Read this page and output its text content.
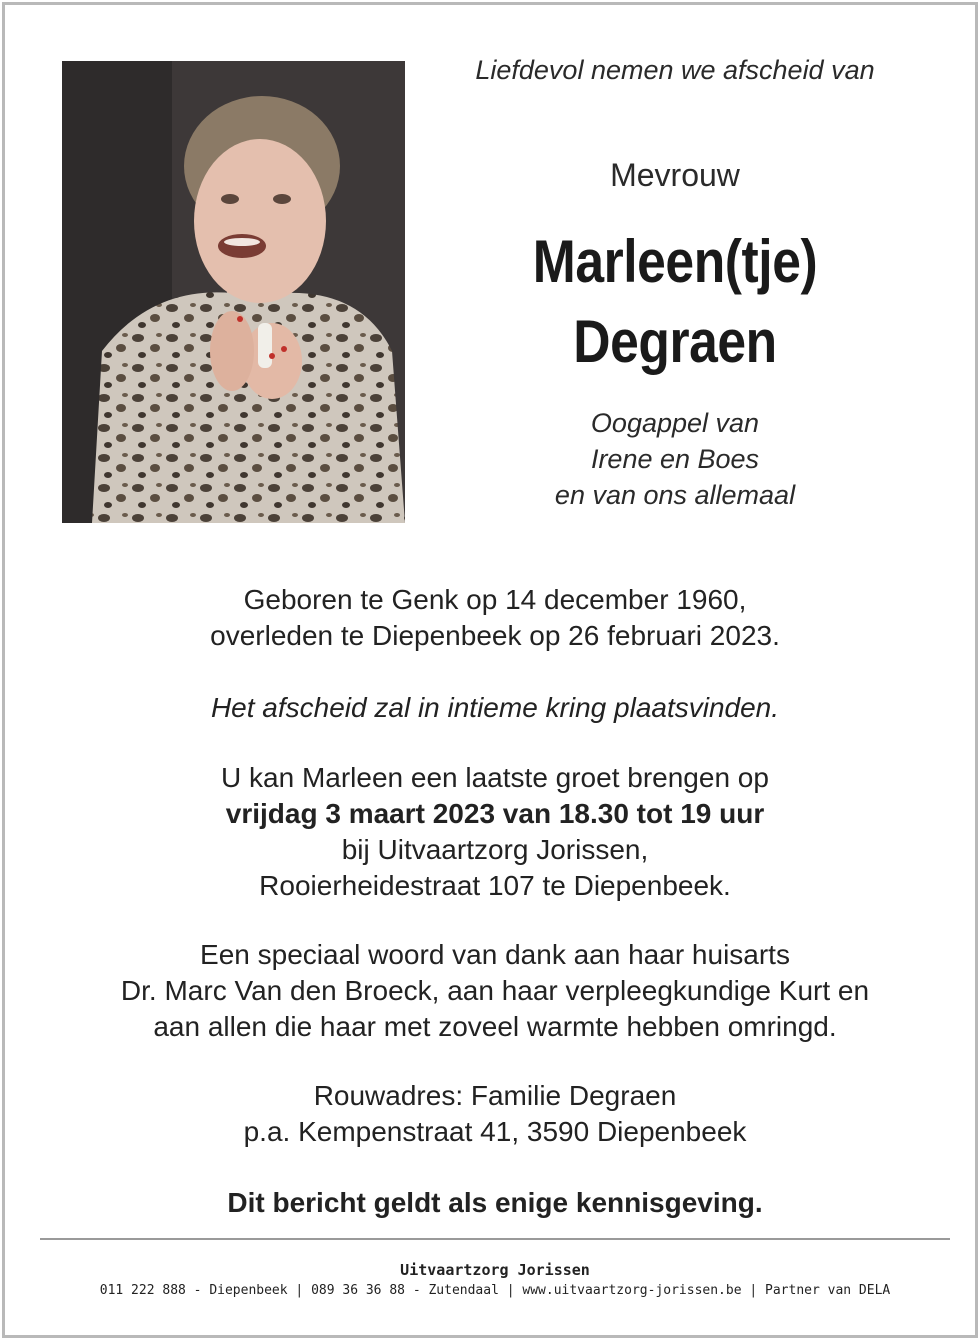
Liefdevol nemen we afscheid van
Mevrouw
Marleen(tje)
Degraen
Oogappel van
Irene en Boes
en van ons allemaal
Geboren te Genk op 14 december 1960,
overleden te Diepenbeek op 26 februari 2023.
Het afscheid zal in intieme kring plaatsvinden.
U kan Marleen een laatste groet brengen op
vrijdag 3 maart 2023 van 18.30 tot 19 uur
bij Uitvaartzorg Jorissen,
Rooierheidestraat 107 te Diepenbeek.
Een speciaal woord van dank aan haar huisarts
Dr. Marc Van den Broeck, aan haar verpleegkundige Kurt en
aan allen die haar met zoveel warmte hebben omringd.
Rouwadres: Familie Degraen
p.a. Kempenstraat 41, 3590 Diepenbeek
Dit bericht geldt als enige kennisgeving.
Uitvaartzorg Jorissen
011 222 888 - Diepenbeek | 089 36 36 88 - Zutendaal | www.uitvaartzorg-jorissen.be | Partner van DELA
